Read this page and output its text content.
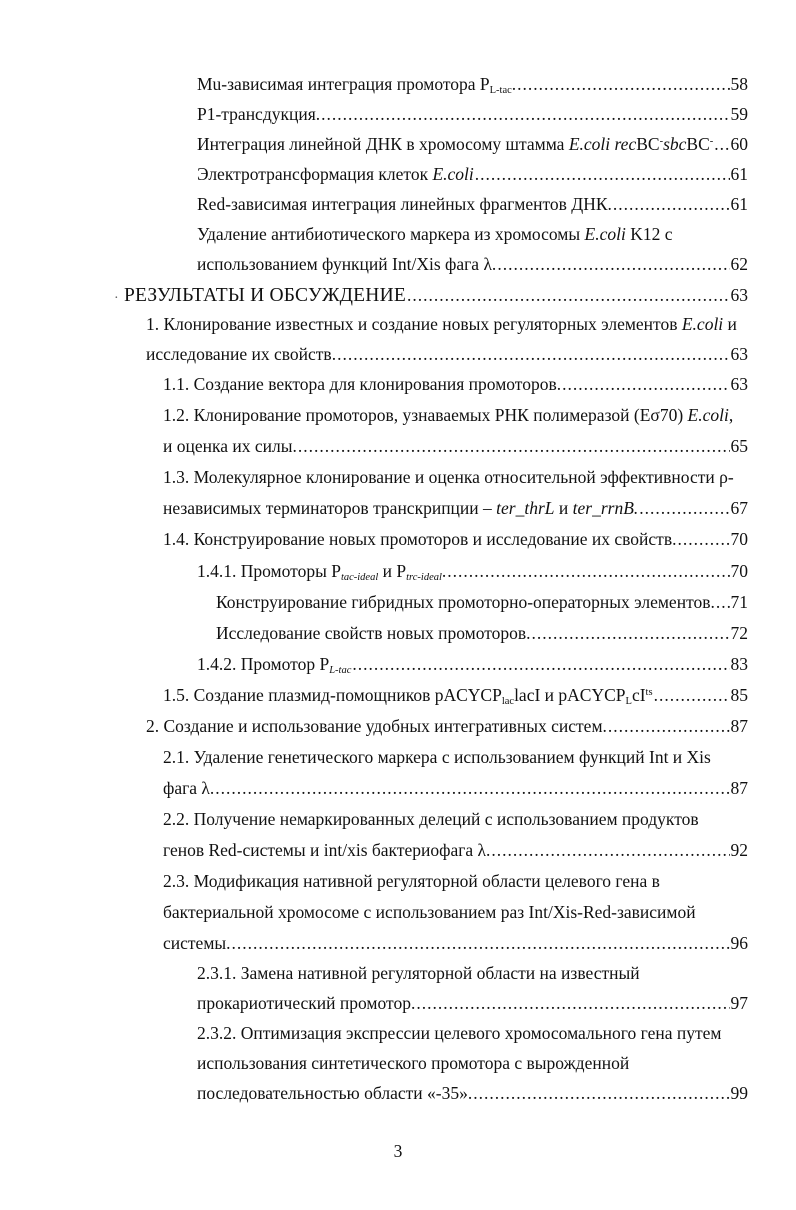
Mu-зависимая интеграция промотора $P_{L-tac}$. .....	58
P1-трансдукция. .....	59
Интеграция линейной ДНК в хромосому штамма E.coli recBC-sbcBC- ..... 60
Электротрансформация клеток E.coli .....	61
Red-зависимая интеграция линейных фрагментов ДНК. .....	61
Удаление антибиотического маркера из хромосомы E.coli K12 с
использованием функций Int/Xis фага λ. .....	62
· РЕЗУЛЬТАТЫ И ОБСУЖДЕНИЕ .....	63
1. Клонирование известных и создание новых регуляторных элементов E.coli и
исследование их свойств. .....	63
1.1. Создание вектора для клонирования промоторов. .....	63
1.2. Клонирование промоторов, узнаваемых РНК полимеразой (Eσ70) E.coli,
и оценка их силы. .....	65
1.3. Молекулярное клонирование и оценка относительной эффективности ρ-
независимых терминаторов транскрипции – ter_thrL и ter_rrnB. .....	67
1.4. Конструирование новых промоторов и исследование их свойств. .....	70
1.4.1. Промоторы $P_{tac-ideal}$ и $P_{trc-ideal}$. .....	70
Конструирование гибридных промоторно-операторных элементов. ..... 71
Исследование свойств новых промоторов. .....	72
1.4.2. Промотор $P_{L-tac}$ .....	83
1.5. Создание плазмид-помощников pACYCP$_{lac}$lacI и $pACYCP_LcI^{ts}$ .....	85
2. Создание и использование удобных интегративных систем. .....	87
2.1. Удаление генетического маркера с использованием функций Int и Xis
фага λ. .....	87
2.2. Получение немаркированных делеций с использованием продуктов
генов Red-системы и int/xis бактериофага λ. .....	92
2.3. Модификация нативной регуляторной области целевого гена в
бактериальной хромосоме с использованием раз Int/Xis-Red-зависимой
системы. .....	96
2.3.1. Замена нативной регуляторной области на известный
прокариотический промотор. .....	97
2.3.2. Оптимизация экспрессии целевого хромосомального гена путем
использования синтетического промотора с вырожденной
последовательностью области «-35». .....	99
3
